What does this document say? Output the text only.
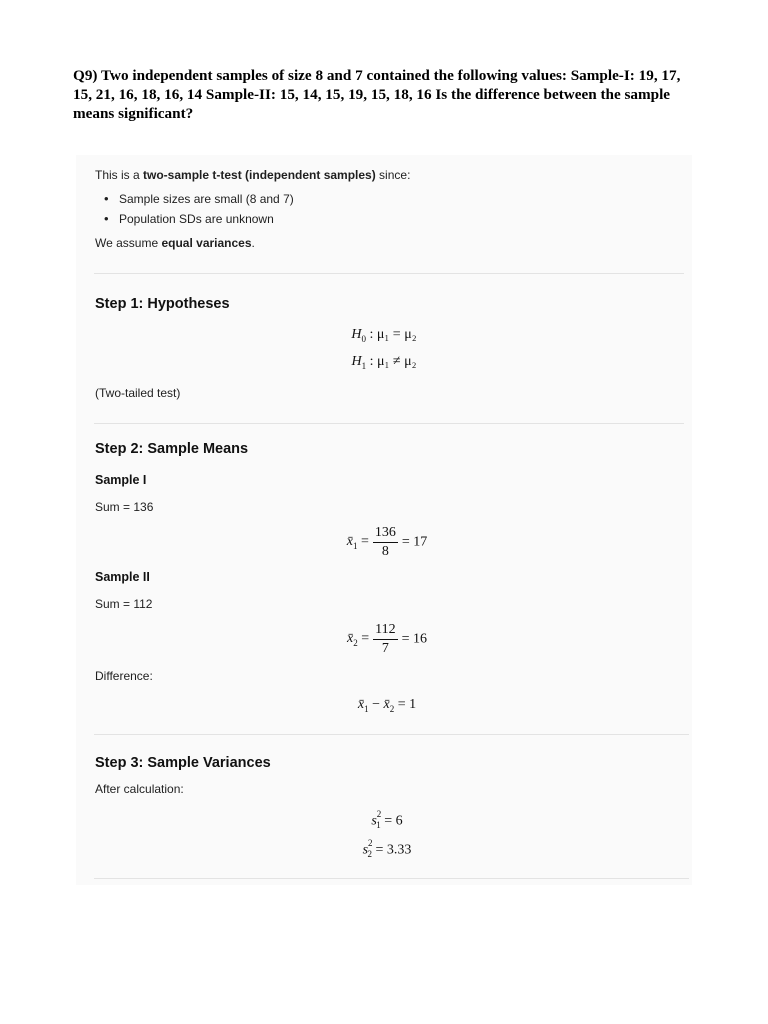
Q9) Two independent samples of size 8 and 7 contained the following values: Sample-I: 19, 17, 15, 21, 16, 18, 16, 14 Sample-II: 15, 14, 15, 19, 15, 18, 16 Is the difference between the sample means significant?
This is a two-sample t-test (independent samples) since:
• Sample sizes are small (8 and 7)
• Population SDs are unknown
We assume equal variances.
Step 1: Hypotheses
$H_0$ : μ₁ = μ₂
$H_1$ : μ₁ ≠ μ₂
(Two-tailed test)
Step 2: Sample Means
Sample I
Sum = 136
$x̄_1 = \frac{136}{8} = 17$
Sample II
Sum = 112
$x̄_2 = \frac{112}{7} = 16$
Difference:
$x̄_1$ − $x̄_2 = 1$
Step 3: Sample Variances
After calculation:
$s^2_1 = 6$
$s^2_2 = 3.33$
